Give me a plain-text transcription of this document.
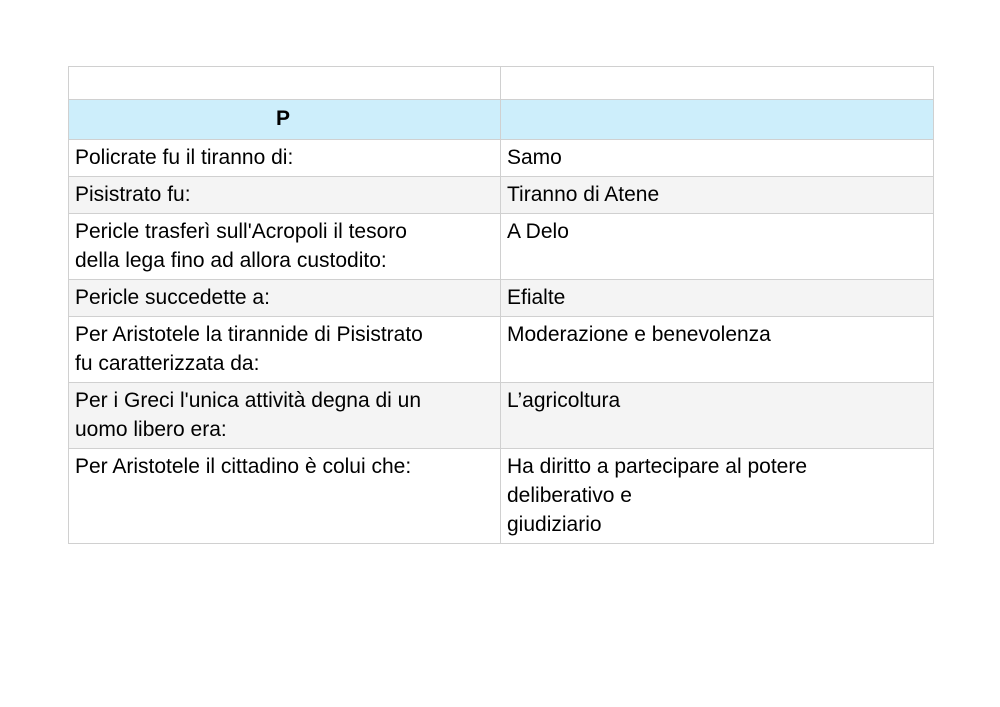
P	
Policrate fu il tiranno di:	Samo
Pisistrato fu:	Tiranno di Atene
Pericle trasferì sull'Acropoli il tesoro
della lega fino ad allora custodito:	A Delo
Pericle succedette a:	Efialte
Per Aristotele la tirannide di Pisistrato
fu caratterizzata da:	Moderazione e benevolenza
Per i Greci l'unica attività degna di un
uomo libero era:	L’agricoltura
Per Aristotele il cittadino è colui che:	Ha diritto a partecipare al potere
deliberativo e
giudiziario
